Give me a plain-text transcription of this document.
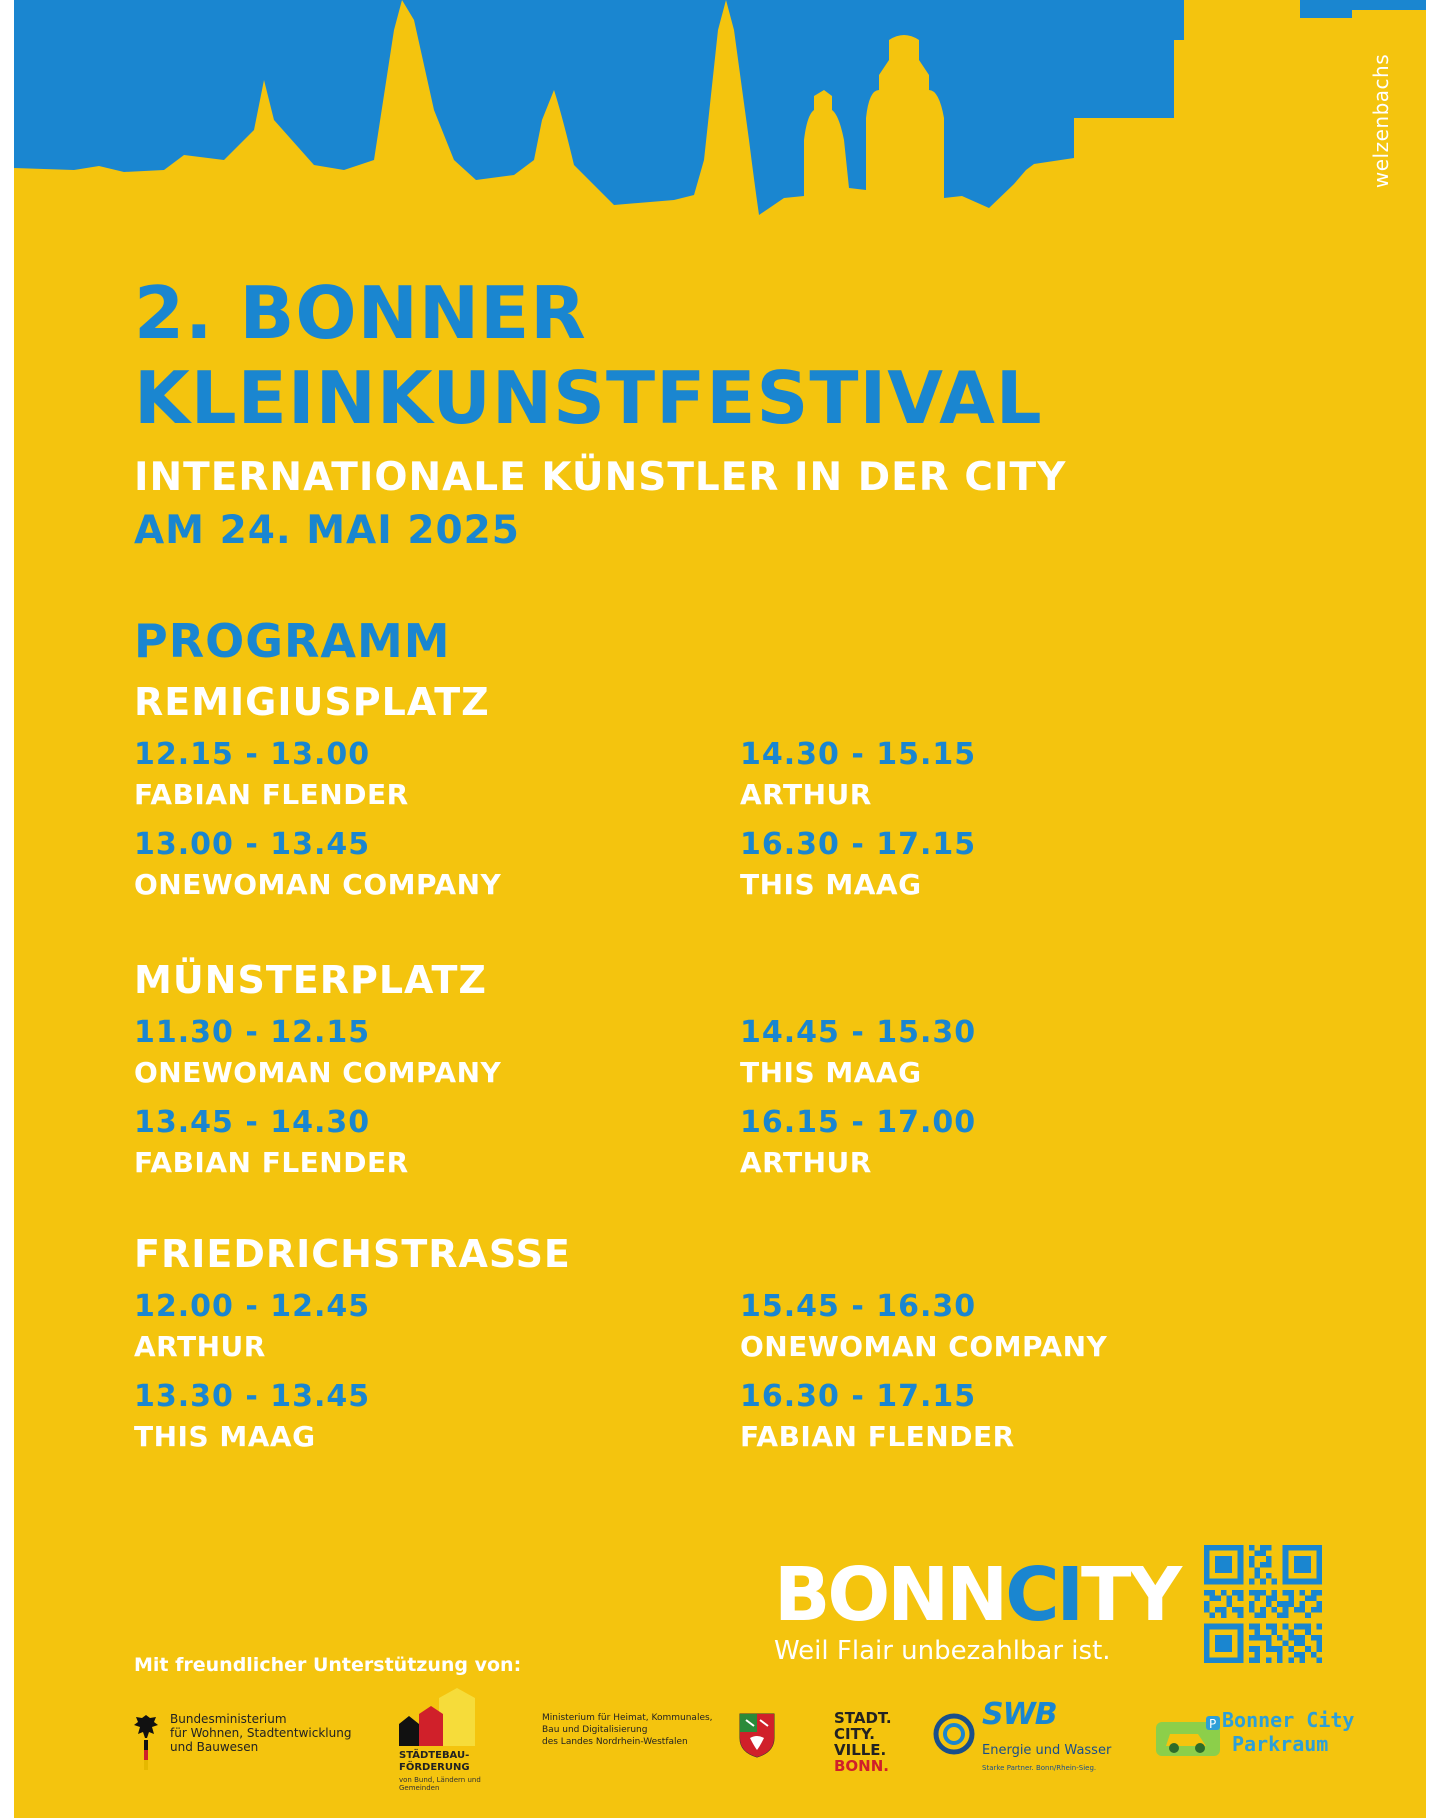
welzenbachs
2. BONNER
KLEINKUNSTFESTIVAL
INTERNATIONALE KÜNSTLER IN DER CITY
AM 24. MAI 2025
PROGRAMM
REMIGIUSPLATZ
12.15 - 13.00
FABIAN FLENDER
13.00 - 13.45
ONEWOMAN COMPANY
14.30 - 15.15
ARTHUR
16.30 - 17.15
THIS MAAG
MÜNSTERPLATZ
11.30 - 12.15
ONEWOMAN COMPANY
13.45 - 14.30
FABIAN FLENDER
14.45 - 15.30
THIS MAAG
16.15 - 17.00
ARTHUR
FRIEDRICHSTRASSE
12.00 - 12.45
ARTHUR
13.30 - 13.45
THIS MAAG
15.45 - 16.30
ONEWOMAN COMPANY
16.30 - 17.15
FABIAN FLENDER
BONNCITY
Weil Flair unbezahlbar ist.
Mit freundlicher Unterstützung von:
Bundesministerium
für Wohnen, Stadtentwicklung
und Bauwesen
STÄDTEBAU-
FÖRDERUNG
von Bund, Ländern und
Gemeinden
Ministerium für Heimat, Kommunales,
Bau und Digitalisierung
des Landes Nordrhein-Westfalen
STADT.
CITY.
VILLE.
BONN.
SWB
Energie und Wasser
Starke Partner. Bonn/Rhein-Sieg.
P Bonner City
Parkraum
